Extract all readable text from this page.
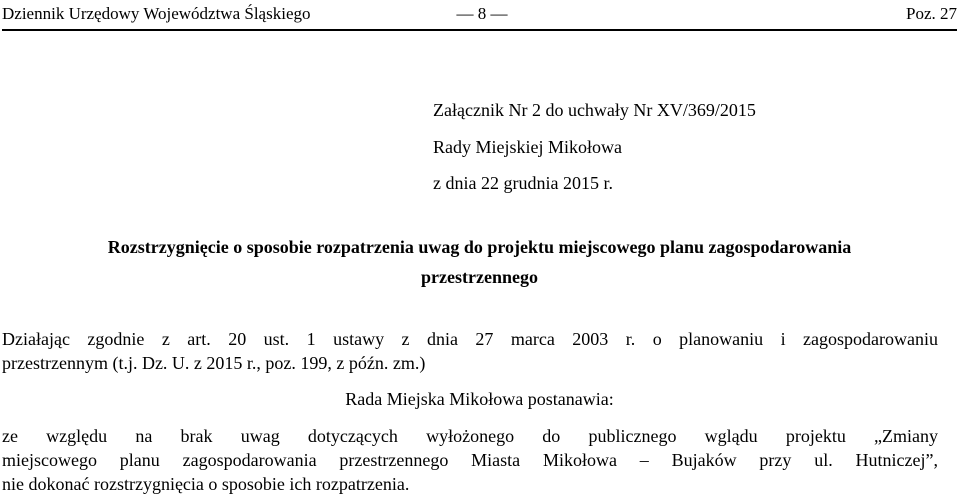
Dziennik Urzędowy Województwa Śląskiego	— 8 —	Poz. 27
Załącznik Nr 2 do uchwały Nr XV/369/2015
Rady Miejskiej Mikołowa
z dnia 22 grudnia 2015 r.
Rozstrzygnięcie o sposobie rozpatrzenia uwag do projektu miejscowego planu zagospodarowania
przestrzennego
Działając zgodnie z art. 20 ust. 1 ustawy z dnia 27 marca 2003 r. o planowaniu i zagospodarowaniu
przestrzennym (t.j. Dz. U. z 2015 r., poz. 199, z późn. zm.)
Rada Miejska Mikołowa postanawia:
ze względu na brak uwag dotyczących wyłożonego do publicznego wglądu projektu „Zmiany
miejscowego planu zagospodarowania przestrzennego Miasta Mikołowa – Bujaków przy ul. Hutniczej”,
nie dokonać rozstrzygnięcia o sposobie ich rozpatrzenia.
